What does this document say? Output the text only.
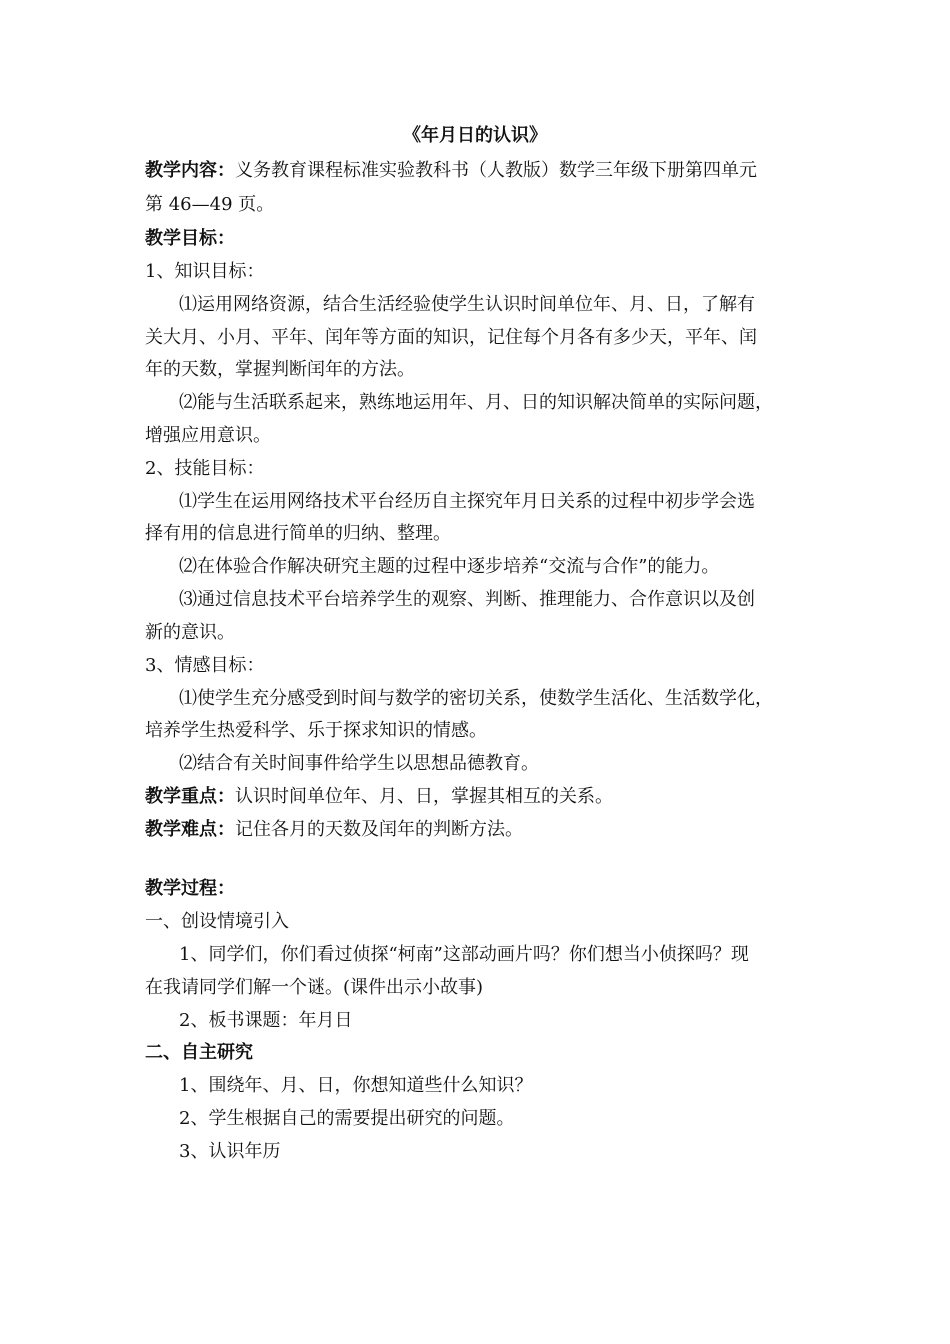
《年月日的认识》
教学内容：义务教育课程标准实验教科书（人教版）数学三年级下册第四单元
第 46—49 页。
教学目标：
1、知识目标：
⑴运用网络资源，结合生活经验使学生认识时间单位年、月、日，了解有
关大月、小月、平年、闰年等方面的知识，记住每个月各有多少天，平年、闰
年的天数，掌握判断闰年的方法。
⑵能与生活联系起来，熟练地运用年、月、日的知识解决简单的实际问题，
增强应用意识。
2、技能目标：
⑴学生在运用网络技术平台经历自主探究年月日关系的过程中初步学会选
择有用的信息进行简单的归纳、整理。
⑵在体验合作解决研究主题的过程中逐步培养“交流与合作”的能力。
⑶通过信息技术平台培养学生的观察、判断、推理能力、合作意识以及创
新的意识。
3、情感目标：
⑴使学生充分感受到时间与数学的密切关系，使数学生活化、生活数学化，
培养学生热爱科学、乐于探求知识的情感。
⑵结合有关时间事件给学生以思想品德教育。
教学重点：认识时间单位年、月、日，掌握其相互的关系。
教学难点：记住各月的天数及闰年的判断方法。
教学过程：
一、创设情境引入
1、同学们，你们看过侦探“柯南”这部动画片吗？你们想当小侦探吗？现
在我请同学们解一个谜。(课件出示小故事)
2、板书课题：年月日
二、自主研究
1、围绕年、月、日，你想知道些什么知识？
2、学生根据自己的需要提出研究的问题。
3、认识年历
